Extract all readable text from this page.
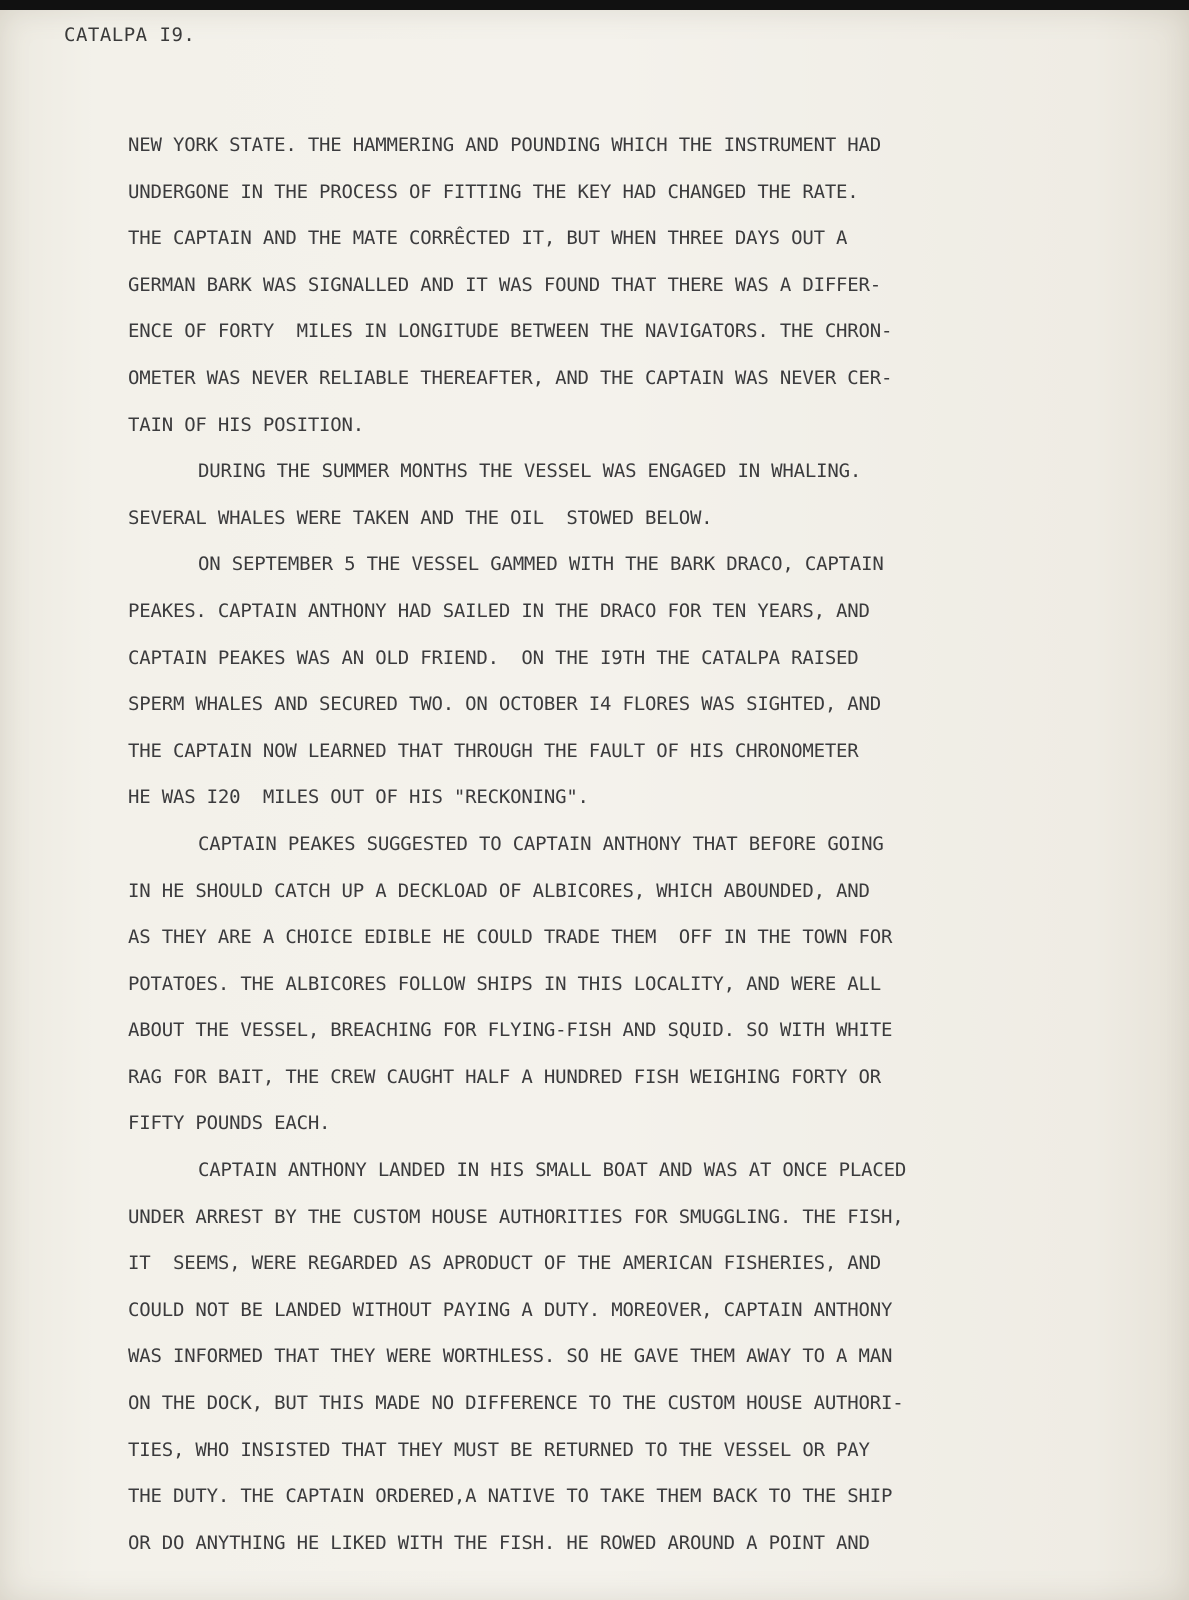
CATALPA I9.
NEW YORK STATE. THE HAMMERING AND POUNDING WHICH THE INSTRUMENT HAD
UNDERGONE IN THE PROCESS OF FITTING THE KEY HAD CHANGED THE RATE.
THE CAPTAIN AND THE MATE CORRÊCTED IT, BUT WHEN THREE DAYS OUT A
GERMAN BARK WAS SIGNALLED AND IT WAS FOUND THAT THERE WAS A DIFFER-
ENCE OF FORTY  MILES IN LONGITUDE BETWEEN THE NAVIGATORS. THE CHRON-
OMETER WAS NEVER RELIABLE THEREAFTER, AND THE CAPTAIN WAS NEVER CER-
TAIN OF HIS POSITION.
DURING THE SUMMER MONTHS THE VESSEL WAS ENGAGED IN WHALING.
SEVERAL WHALES WERE TAKEN AND THE OIL  STOWED BELOW.
ON SEPTEMBER 5 THE VESSEL GAMMED WITH THE BARK DRACO, CAPTAIN
PEAKES. CAPTAIN ANTHONY HAD SAILED IN THE DRACO FOR TEN YEARS, AND
CAPTAIN PEAKES WAS AN OLD FRIEND.  ON THE I9TH THE CATALPA RAISED
SPERM WHALES AND SECURED TWO. ON OCTOBER I4 FLORES WAS SIGHTED, AND
THE CAPTAIN NOW LEARNED THAT THROUGH THE FAULT OF HIS CHRONOMETER
HE WAS I20  MILES OUT OF HIS "RECKONING".
CAPTAIN PEAKES SUGGESTED TO CAPTAIN ANTHONY THAT BEFORE GOING
IN HE SHOULD CATCH UP A DECKLOAD OF ALBICORES, WHICH ABOUNDED, AND
AS THEY ARE A CHOICE EDIBLE HE COULD TRADE THEM  OFF IN THE TOWN FOR
POTATOES. THE ALBICORES FOLLOW SHIPS IN THIS LOCALITY, AND WERE ALL
ABOUT THE VESSEL, BREACHING FOR FLYING-FISH AND SQUID. SO WITH WHITE
RAG FOR BAIT, THE CREW CAUGHT HALF A HUNDRED FISH WEIGHING FORTY OR
FIFTY POUNDS EACH.
CAPTAIN ANTHONY LANDED IN HIS SMALL BOAT AND WAS AT ONCE PLACED
UNDER ARREST BY THE CUSTOM HOUSE AUTHORITIES FOR SMUGGLING. THE FISH,
IT  SEEMS, WERE REGARDED AS APRODUCT OF THE AMERICAN FISHERIES, AND
COULD NOT BE LANDED WITHOUT PAYING A DUTY. MOREOVER, CAPTAIN ANTHONY
WAS INFORMED THAT THEY WERE WORTHLESS. SO HE GAVE THEM AWAY TO A MAN
ON THE DOCK, BUT THIS MADE NO DIFFERENCE TO THE CUSTOM HOUSE AUTHORI-
TIES, WHO INSISTED THAT THEY MUST BE RETURNED TO THE VESSEL OR PAY
THE DUTY. THE CAPTAIN ORDERED,A NATIVE TO TAKE THEM BACK TO THE SHIP
OR DO ANYTHING HE LIKED WITH THE FISH. HE ROWED AROUND A POINT AND
